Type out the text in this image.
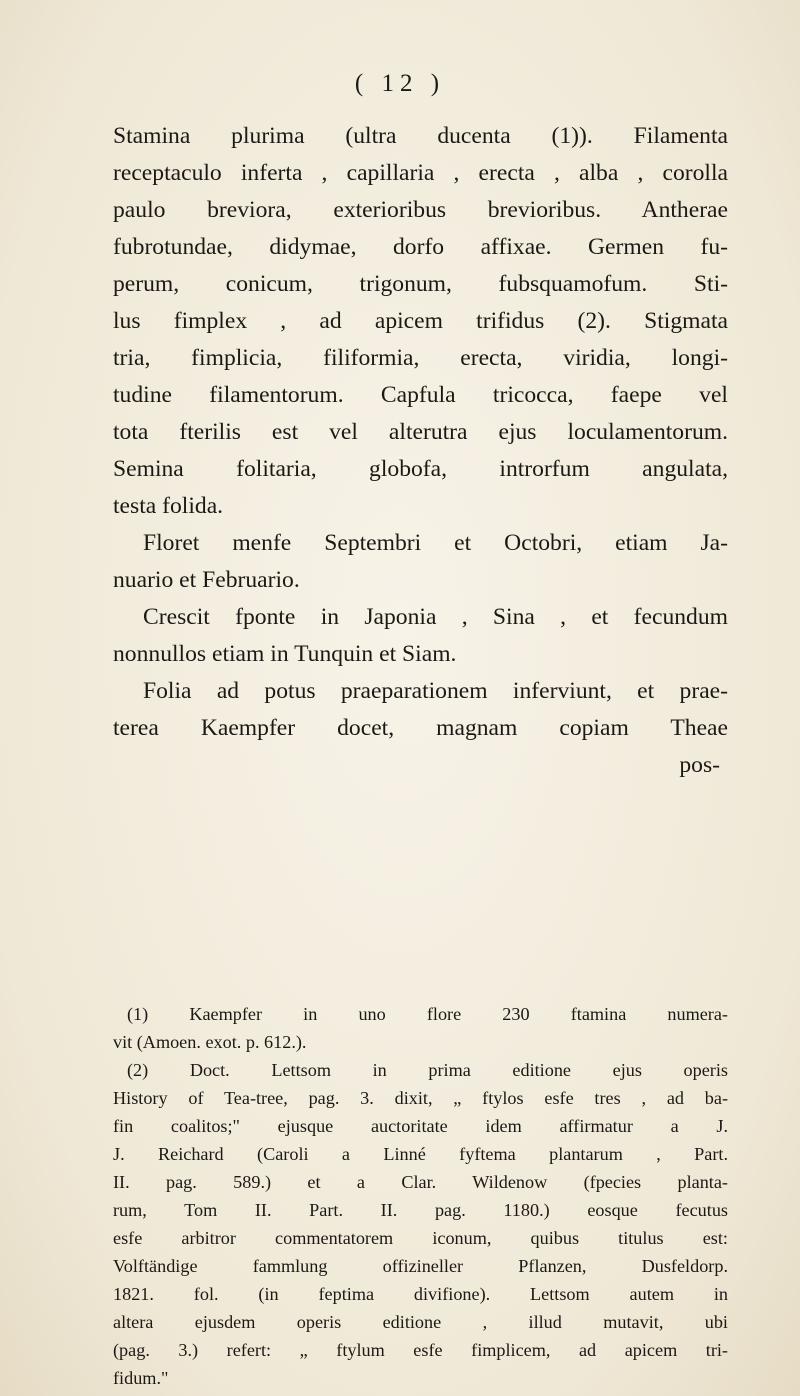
( 12 )
Stamina plurima (ultra ducenta (1)). Filamenta
receptaculo inferta , capillaria , erecta , alba , corolla
paulo breviora, exterioribus brevioribus. Antherae
fubrotundae, didymae, dorfo affixae. Germen fu-
perum, conicum, trigonum, fubsquamofum. Sti-
lus fimplex , ad apicem trifidus (2). Stigmata
tria, fimplicia, filiformia, erecta, viridia, longi-
tudine filamentorum. Capfula tricocca, faepe vel
tota fterilis est vel alterutra ejus loculamentorum.
Semina folitaria, globofa, introrfum angulata,
testa folida.
Floret menfe Septembri et Octobri, etiam Ja-
nuario et Februario.
Crescit fponte in Japonia , Sina , et fecundum
nonnullos etiam in Tunquin et Siam.
Folia ad potus praeparationem inferviunt, et prae-
terea Kaempfer docet, magnam copiam Theae
pos-
(1) Kaempfer in uno flore 230 ftamina numera-
vit (Amoen. exot. p. 612.).
(2) Doct. Lettsom in prima editione ejus operis
History of Tea-tree, pag. 3. dixit, „ ftylos esfe tres , ad ba-
fin coalitos;" ejusque auctoritate idem affirmatur a J.
J. Reichard (Caroli a Linné fyftema plantarum , Part.
II. pag. 589.) et a Clar. Wildenow (fpecies planta-
rum, Tom II. Part. II. pag. 1180.) eosque fecutus
esfe arbitror commentatorem iconum, quibus titulus est:
Volftändige fammlung offizineller Pflanzen, Dusfeldorp.
1821. fol. (in feptima divifione). Lettsom autem in
altera ejusdem operis editione , illud mutavit, ubi
(pag. 3.) refert: „ ftylum esfe fimplicem, ad apicem tri-
fidum."
